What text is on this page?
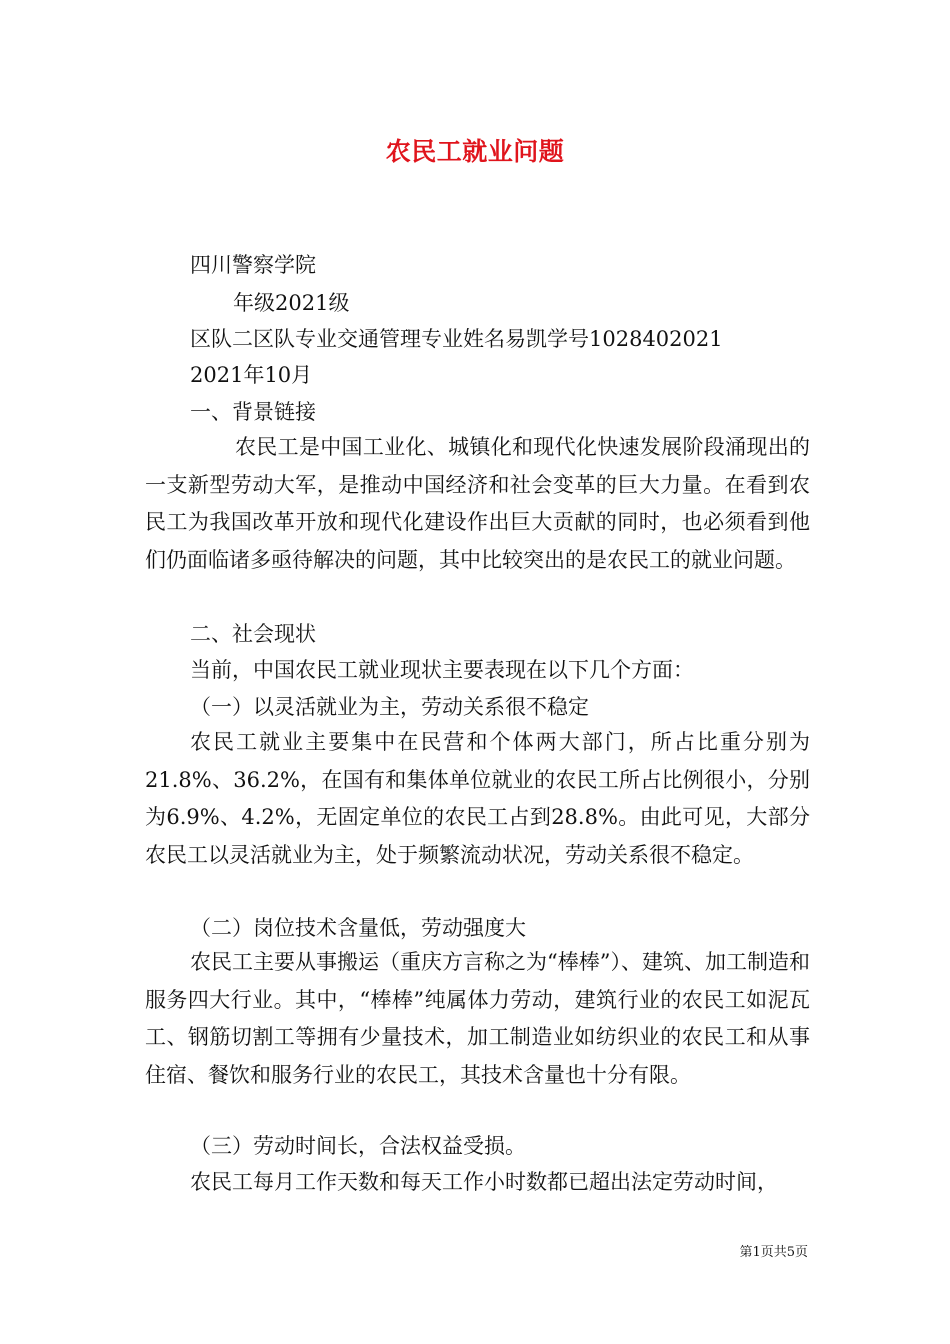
农民工就业问题
四川警察学院
年级2021级
区队二区队专业交通管理专业姓名易凯学号1028402021
2021年10月
一、背景链接
农民工是中国工业化、城镇化和现代化快速发展阶段涌现出的一支新型劳动大军，是推动中国经济和社会变革的巨大力量。在看到农民工为我国改革开放和现代化建设作出巨大贡献的同时，也必须看到他们仍面临诸多亟待解决的问题，其中比较突出的是农民工的就业问题。
二、社会现状
当前，中国农民工就业现状主要表现在以下几个方面：
（一）以灵活就业为主，劳动关系很不稳定
农民工就业主要集中在民营和个体两大部门，所占比重分别为21.8%、36.2%，在国有和集体单位就业的农民工所占比例很小，分别为6.9%、4.2%，无固定单位的农民工占到28.8%。由此可见，大部分农民工以灵活就业为主，处于频繁流动状况，劳动关系很不稳定。
（二）岗位技术含量低，劳动强度大
农民工主要从事搬运（重庆方言称之为“棒棒”）、建筑、加工制造和服务四大行业。其中，“棒棒”纯属体力劳动，建筑行业的农民工如泥瓦工、钢筋切割工等拥有少量技术，加工制造业如纺织业的农民工和从事住宿、餐饮和服务行业的农民工，其技术含量也十分有限。
（三）劳动时间长，合法权益受损。
农民工每月工作天数和每天工作小时数都已超出法定劳动时间，
第1页共5页
